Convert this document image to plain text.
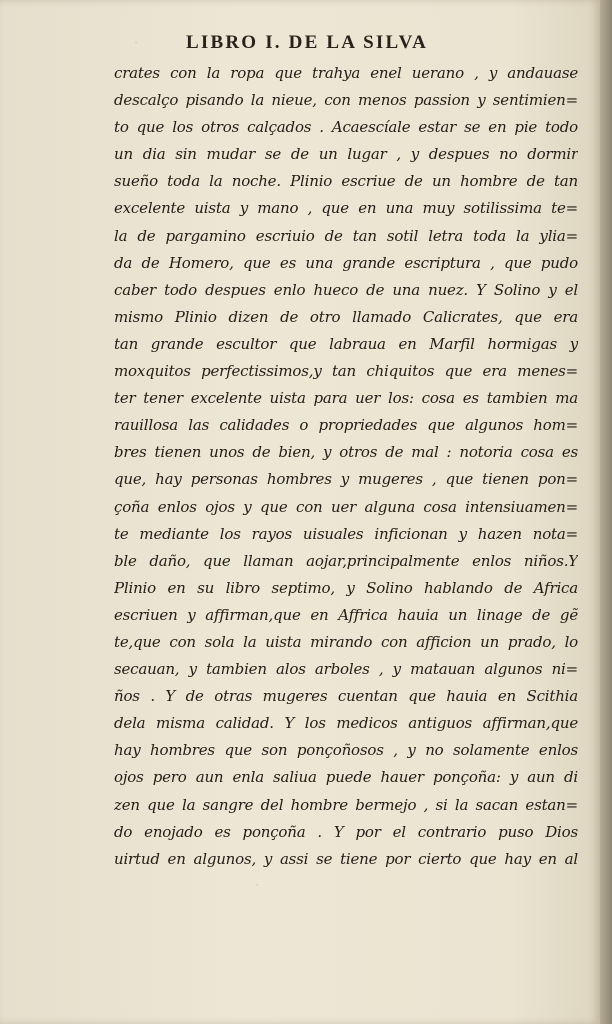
·
·
LIBRO I. DE LA SILVA
crates con la ropa que trahya enel uerano , y andauase
descalço pisando la nieue, con menos passion y sentimien=
to que los otros calçados . Acaescíale estar se en pie todo
un dia sin mudar se de un lugar , y despues no dormir
sueño toda la noche. Plinio escriue de un hombre de tan
excelente uista y mano , que en una muy sotilissima te=
la de pargamino escriuio de tan sotil letra toda la ylia=
da de Homero, que es una grande escriptura , que pudo
caber todo despues enlo hueco de una nuez. Y Solino y el
mismo Plinio dizen de otro llamado Calicrates, que era
tan grande escultor que labraua en Marfil hormigas y
moxquitos perfectissimos,y tan chiquitos que era menes=
ter tener excelente uista para uer los: cosa es tambien ma
rauillosa las calidades o propriedades que algunos hom=
bres tienen unos de bien, y otros de mal : notoria cosa es
que, hay personas hombres y mugeres , que tienen pon=
çoña enlos ojos y que con uer alguna cosa intensiuamen=
te mediante los rayos uisuales inficionan y hazen nota=
ble daño, que llaman aojar,principalmente enlos niños.Y
Plinio en su libro septimo, y Solino hablando de Africa
escriuen y affirman,que en Affrica hauia un linage de gẽ
te,que con sola la uista mirando con afficion un prado, lo
secauan, y tambien alos arboles , y matauan algunos ni=
ños . Y de otras mugeres cuentan que hauia en Scithia
dela misma calidad. Y los medicos antiguos affirman,que
hay hombres que son ponçoñosos , y no solamente enlos
ojos pero aun enla saliua puede hauer ponçoña: y aun di
zen que la sangre del hombre bermejo , si la sacan estan=
do enojado es ponçoña . Y por el contrario puso Dios
uirtud en algunos, y assi se tiene por cierto que hay en al
